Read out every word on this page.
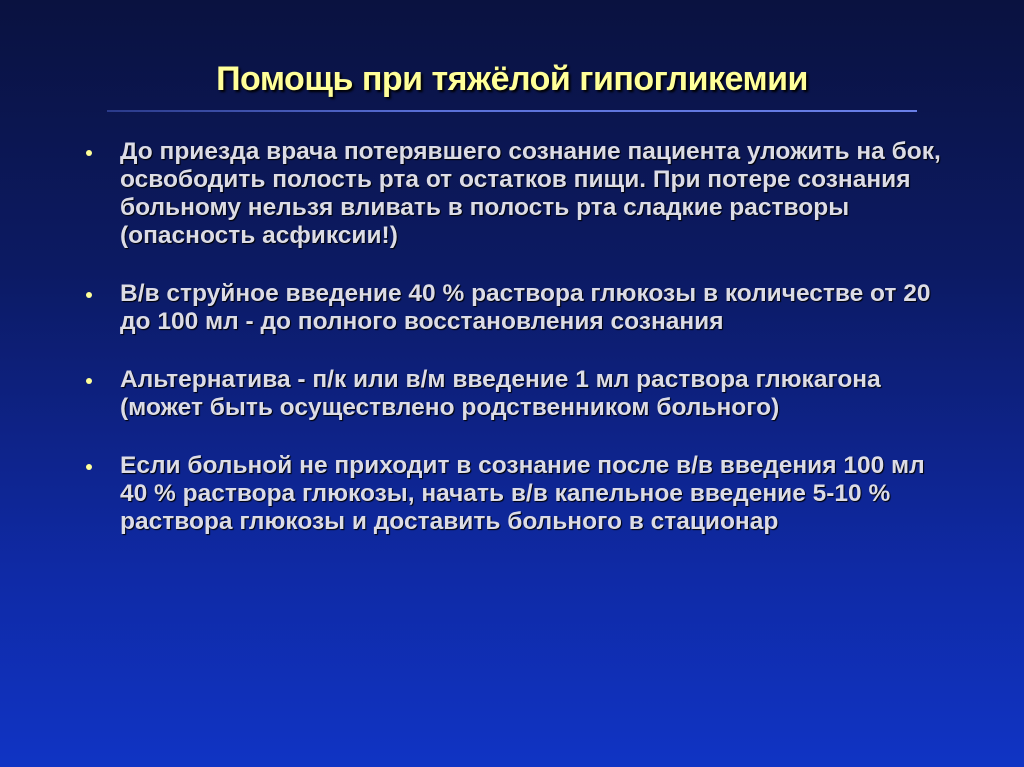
Помощь при тяжёлой гипогликемии
До приезда врача потерявшего сознание пациента уложить на бок, освободить полость рта от остатков пищи. При потере сознания больному нельзя вливать в полость рта сладкие растворы (опасность асфиксии!)
В/в струйное введение 40 % раствора глюкозы в количестве от 20 до 100 мл - до полного восстановления сознания
Альтернатива - п/к или в/м введение 1 мл раствора глюкагона (может быть осуществлено родственником больного)
Если больной не приходит в сознание после в/в введения 100 мл 40 % раствора глюкозы, начать в/в капельное введение 5-10 % раствора глюкозы и доставить больного в стационар
